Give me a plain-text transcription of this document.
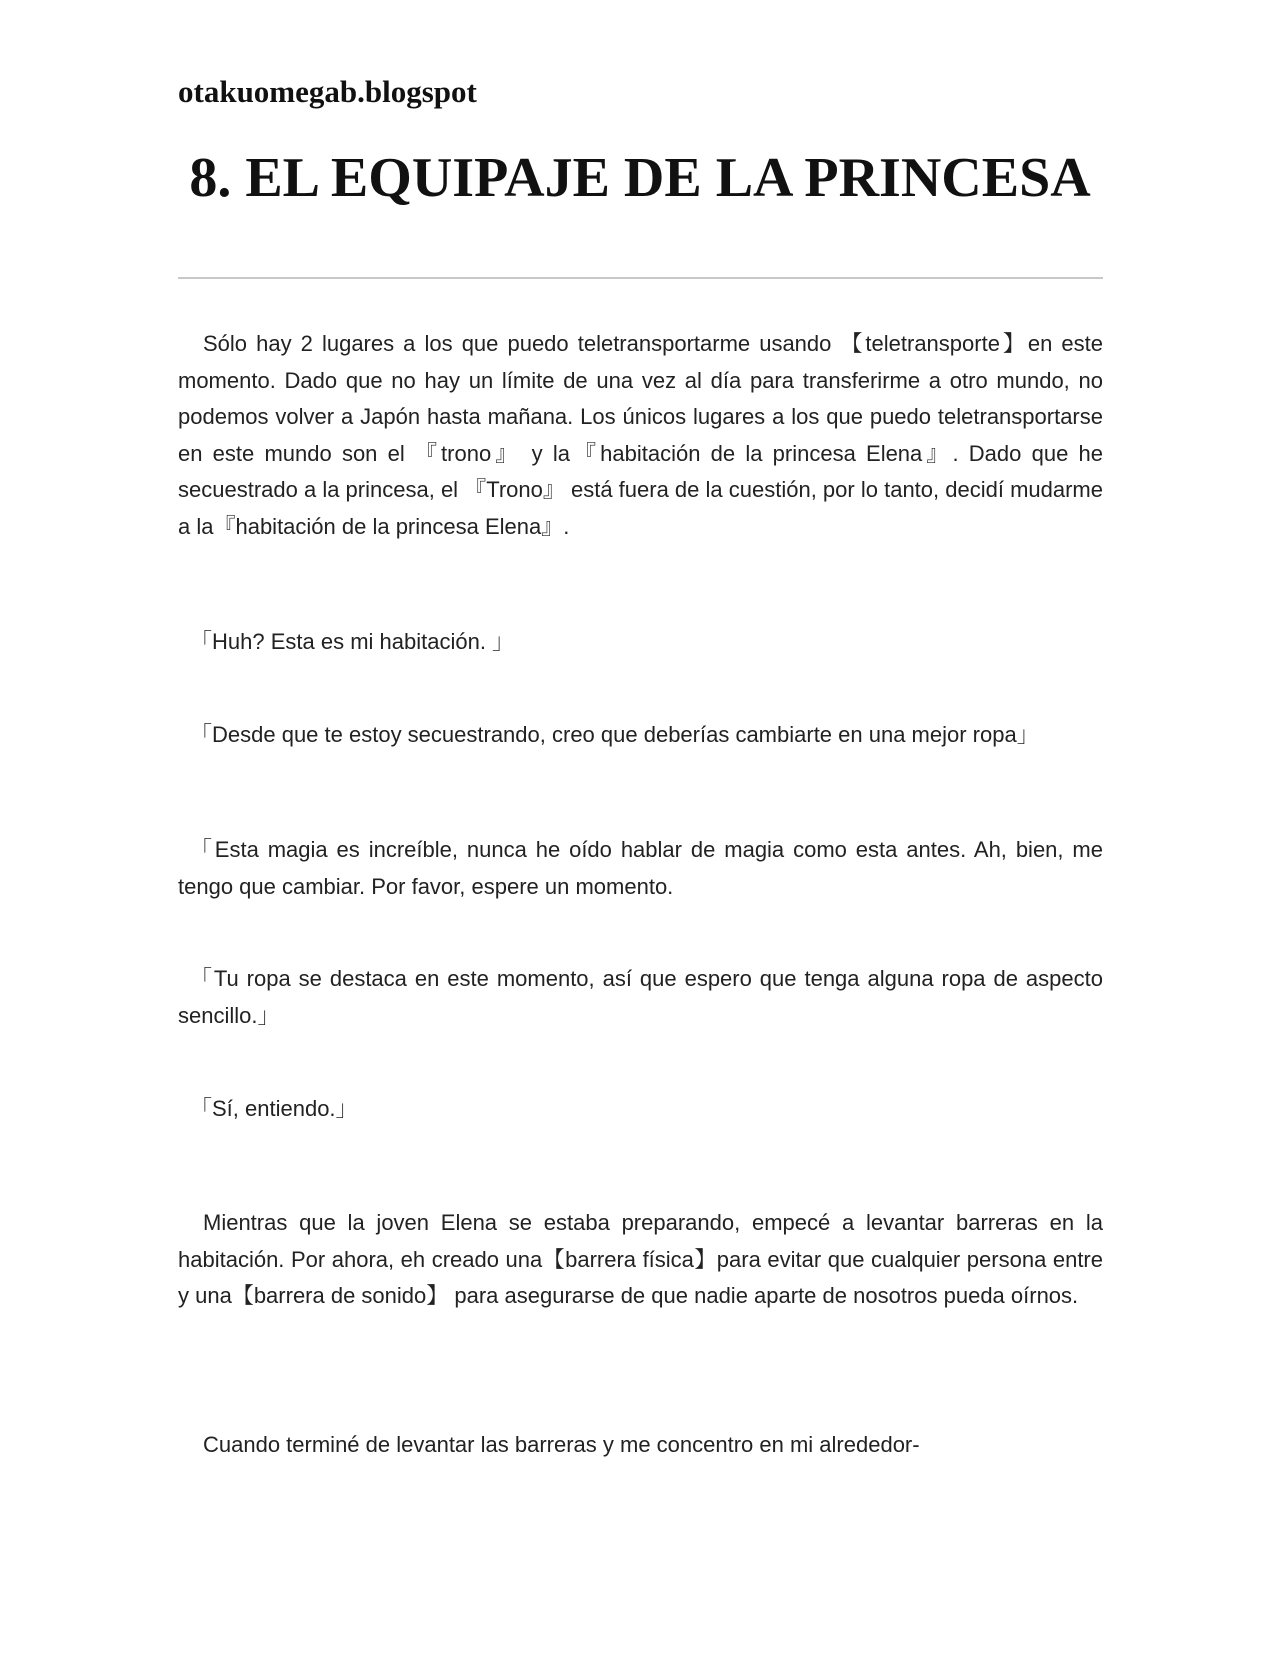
otakuomegab.blogspot

8. EL EQUIPAJE DE LA PRINCESA

Sólo hay 2 lugares a los que puedo teletransportarme usando 【teletransporte】en este momento. Dado que no hay un límite de una vez al día para transferirme a otro mundo, no podemos volver a Japón hasta mañana. Los únicos lugares a los que puedo teletransportarse en este mundo son el 『trono』 y la『habitación de la princesa Elena』. Dado que he secuestrado a la princesa, el 『Trono』 está fuera de la cuestión, por lo tanto, decidí mudarme a la『habitación de la princesa Elena』.

「Huh? Esta es mi habitación. 」

「Desde que te estoy secuestrando, creo que deberías cambiarte en una mejor ropa」

「Esta magia es increíble, nunca he oído hablar de magia como esta antes. Ah, bien, me tengo que cambiar. Por favor, espere un momento.

「Tu ropa se destaca en este momento, así que espero que tenga alguna ropa de aspecto sencillo.」

「Sí, entiendo.」

Mientras que la joven Elena se estaba preparando, empecé a levantar barreras en la habitación. Por ahora, eh creado una【barrera física】para evitar que cualquier persona entre y una【barrera de sonido】 para asegurarse de que nadie aparte de nosotros pueda oírnos.

Cuando terminé de levantar las barreras y me concentro en mi alrededor-
